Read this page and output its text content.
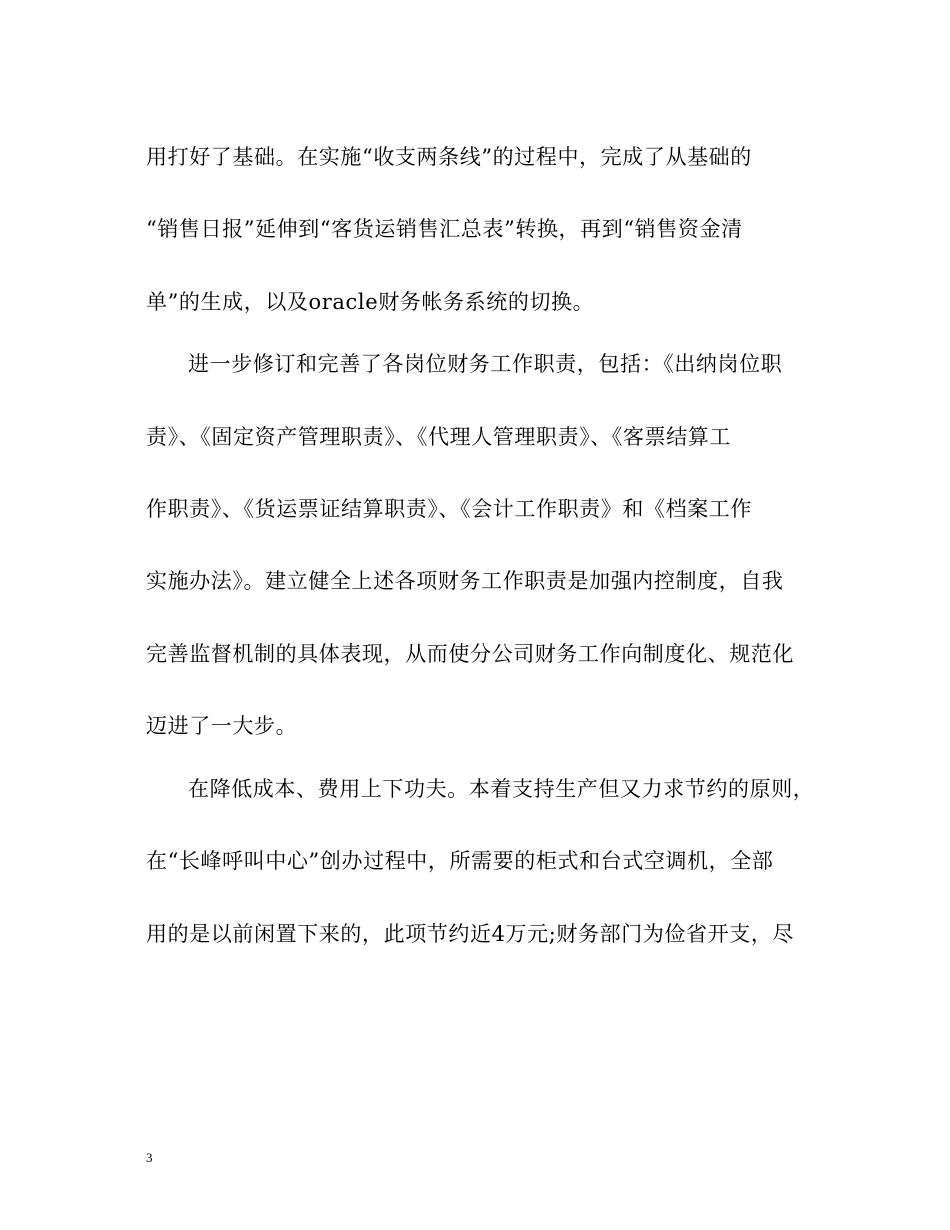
用打好了基础。在实施“收支两条线”的过程中，完成了从基础的
“销售日报”延伸到“客货运销售汇总表”转换，再到“销售资金清
单”的生成，以及oracle财务帐务系统的切换。
进一步修订和完善了各岗位财务工作职责，包括：《出纳岗位职
责》、《固定资产管理职责》、《代理人管理职责》、《客票结算工
作职责》、《货运票证结算职责》、《会计工作职责》和《档案工作
实施办法》。建立健全上述各项财务工作职责是加强内控制度，自我
完善监督机制的具体表现，从而使分公司财务工作向制度化、规范化
迈进了一大步。
在降低成本、费用上下功夫。本着支持生产但又力求节约的原则，
在“长峰呼叫中心”创办过程中，所需要的柜式和台式空调机，全部
用的是以前闲置下来的，此项节约近4万元;财务部门为俭省开支，尽
3
